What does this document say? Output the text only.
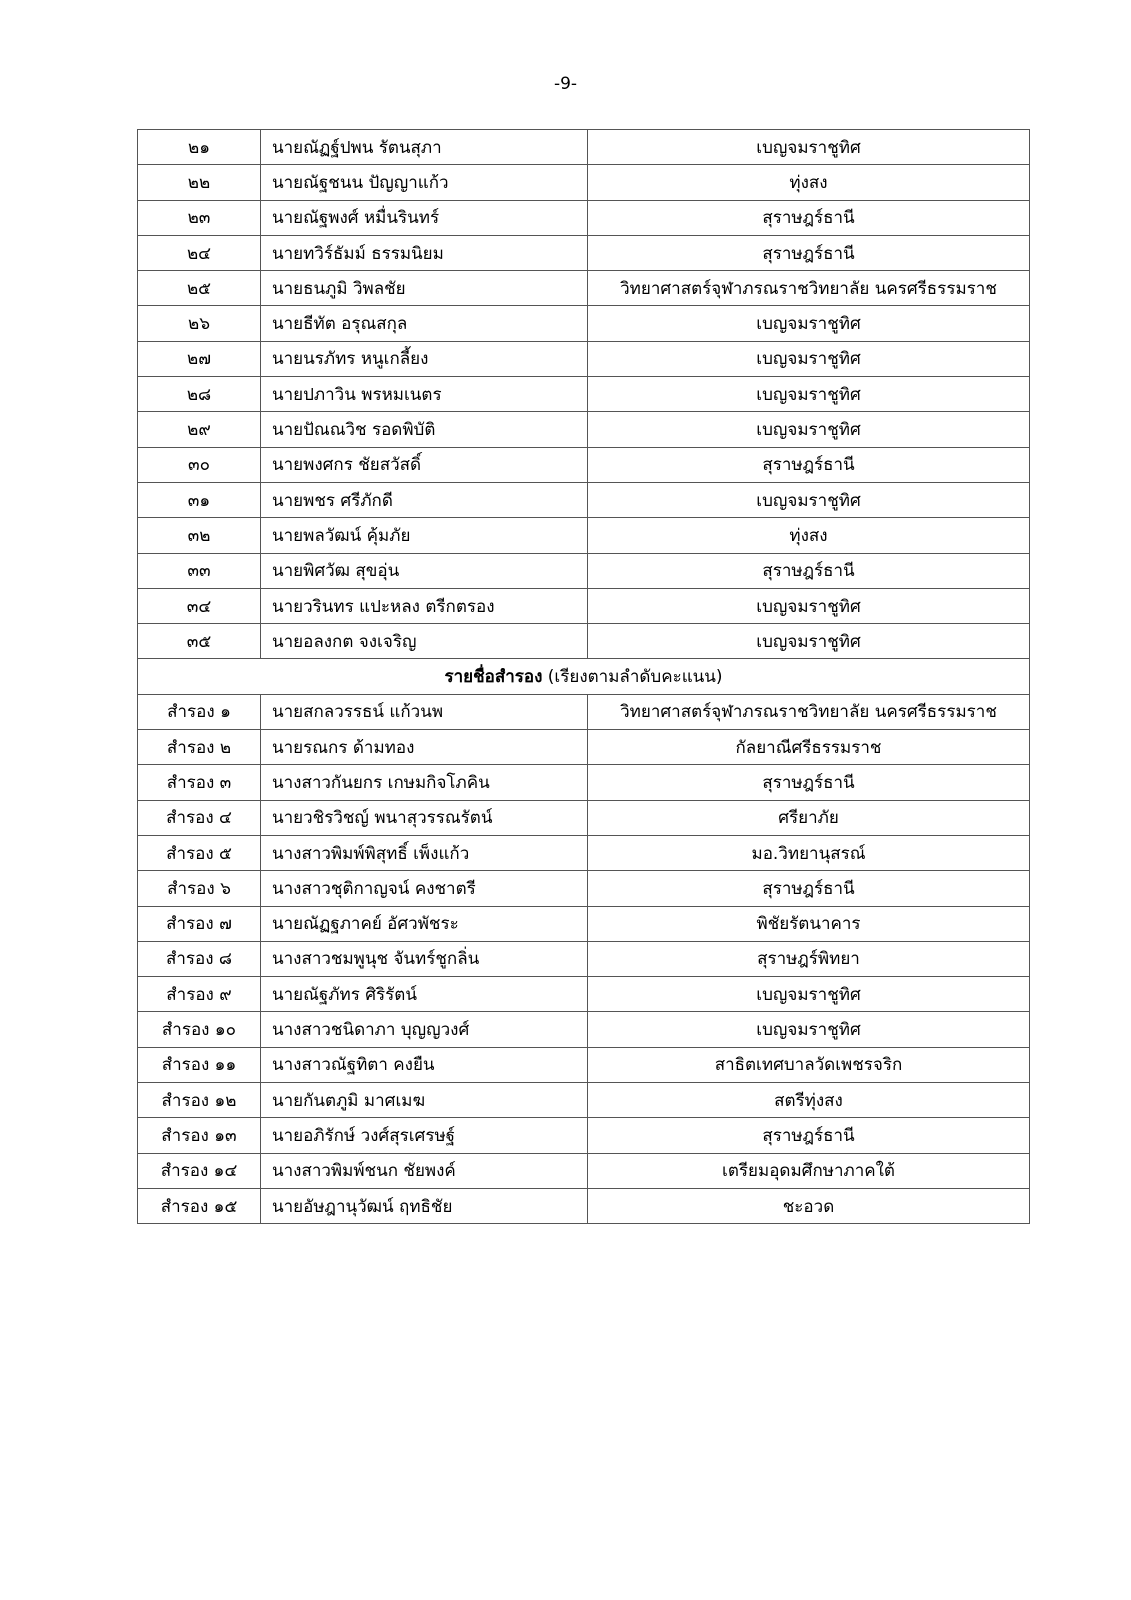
-9-
๒๑	นายณัฏฐ์ปพน รัตนสุภา	เบญจมราชูทิศ
๒๒	นายณัฐชนน ปัญญาแก้ว	ทุ่งสง
๒๓	นายณัฐพงศ์ หมื่นรินทร์	สุราษฎร์ธานี
๒๔	นายทวิร์ธัมม์ ธรรมนิยม	สุราษฎร์ธานี
๒๕	นายธนภูมิ วิพลชัย	วิทยาศาสตร์จุฬาภรณราชวิทยาลัย นครศรีธรรมราช
๒๖	นายธีทัต อรุณสกุล	เบญจมราชูทิศ
๒๗	นายนรภัทร หนูเกลี้ยง	เบญจมราชูทิศ
๒๘	นายปภาวิน พรหมเนตร	เบญจมราชูทิศ
๒๙	นายปัณณวิช รอดพิบัติ	เบญจมราชูทิศ
๓๐	นายพงศกร ชัยสวัสดิ์	สุราษฎร์ธานี
๓๑	นายพชร ศรีภักดี	เบญจมราชูทิศ
๓๒	นายพลวัฒน์ คุ้มภัย	ทุ่งสง
๓๓	นายพิศวัฒ สุขอุ่น	สุราษฎร์ธานี
๓๔	นายวรินทร แปะหลง ตรีกตรอง	เบญจมราชูทิศ
๓๕	นายอลงกต จงเจริญ	เบญจมราชูทิศ
รายชื่อสำรอง (เรียงตามลำดับคะแนน)		
สำรอง ๑	นายสกลวรรธน์ แก้วนพ	วิทยาศาสตร์จุฬาภรณราชวิทยาลัย นครศรีธรรมราช
สำรอง ๒	นายรณกร ด้ามทอง	กัลยาณีศรีธรรมราช
สำรอง ๓	นางสาวกันยกร เกษมกิจโภคิน	สุราษฎร์ธานี
สำรอง ๔	นายวชิรวิชญ์ พนาสุวรรณรัตน์	ศรียาภัย
สำรอง ๕	นางสาวพิมพ์พิสุทธิ์ เพ็งแก้ว	มอ.วิทยานุสรณ์
สำรอง ๖	นางสาวชุติกาญจน์ คงชาตรี	สุราษฎร์ธานี
สำรอง ๗	นายณัฏฐภาคย์ อัศวพัชระ	พิชัยรัตนาคาร
สำรอง ๘	นางสาวชมพูนุช จันทร์ชูกลิ่น	สุราษฎร์พิทยา
สำรอง ๙	นายณัฐภัทร ศิริรัตน์	เบญจมราชูทิศ
สำรอง ๑๐	นางสาวชนิดาภา บุญญวงศ์	เบญจมราชูทิศ
สำรอง ๑๑	นางสาวณัฐทิตา คงยืน	สาธิตเทศบาลวัดเพชรจริก
สำรอง ๑๒	นายกันตภูมิ มาศเมฆ	สตรีทุ่งสง
สำรอง ๑๓	นายอภิรักษ์ วงศ์สุรเศรษฐ์	สุราษฎร์ธานี
สำรอง ๑๔	นางสาวพิมพ์ชนก ชัยพงค์	เตรียมอุดมศึกษาภาคใต้
สำรอง ๑๕	นายอัษฎานุวัฒน์ ฤทธิชัย	ชะอวด
